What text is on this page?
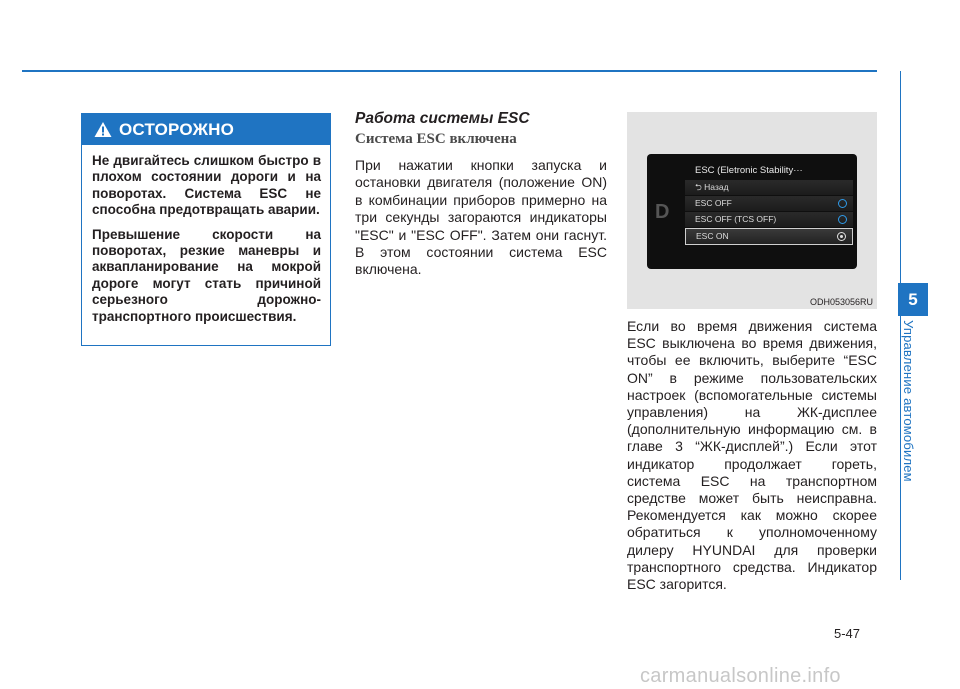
ОСТОРОЖНО

Не двигайтесь слишком быстро в плохом состоянии дороги и на поворотах. Система ESC не способна предотвращать аварии.

Превышение скорости на поворотах, резкие маневры и аквапланирование на мокрой дороге могут стать причиной серьезного дорожно-транспортного происшествия.

Работа системы ESC
Система ESC включена

При нажатии кнопки запуска и остановки двигателя (положение ON) в комбинации приборов примерно на три секунды загораются индикаторы "ESC" и "ESC OFF". Затем они гаснут. В этом состоянии система ESC включена.

D
ESC (Eletronic Stability···
⮌ Назад
ESC OFF
ESC OFF (TCS OFF)
ESC ON
ODH053056RU

Если во время движения система ESC выключена во время движения, чтобы ее включить, выберите “ESC ON” в режиме пользовательских настроек (вспомогательные системы управления) на ЖК-дисплее (дополнительную информацию см. в главе 3 “ЖК-дисплей”.) Если этот индикатор продолжает гореть, система ESC на транспортном средстве может быть неисправна. Рекомендуется как можно скорее обратиться к уполномоченному дилеру HYUNDAI для проверки транспортного средства. Индикатор ESC загорится.

5
Управление автомобилем
5-47
carmanualsonline.info
